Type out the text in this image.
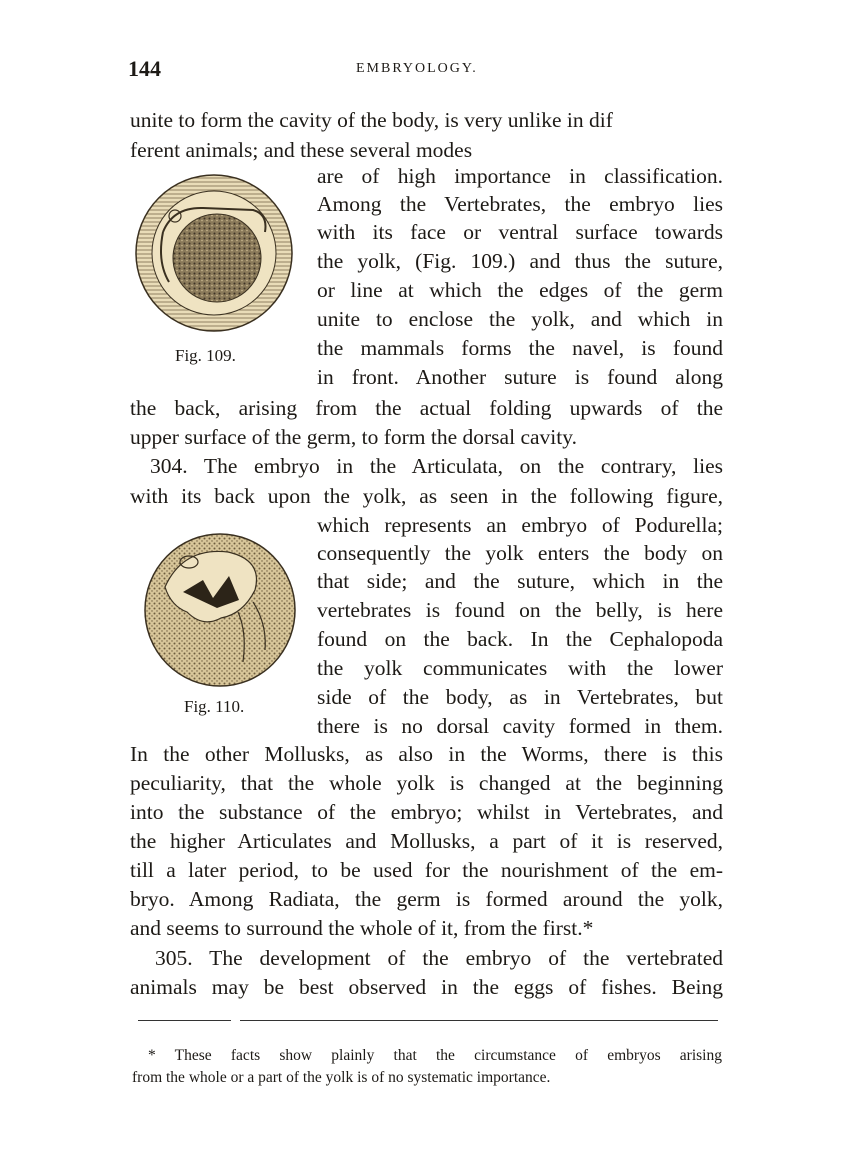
144	EMBRYOLOGY.
unite to form the cavity of the body, is very unlike in dif
ferent animals; and these several modes
are of high importance in classification.
Among the Vertebrates, the embryo lies
with its face or ventral surface towards
the yolk, (Fig. 109.) and thus the suture,
or line at which the edges of the germ
unite to enclose the yolk, and which in
the mammals forms the navel, is found
in front. Another suture is found along
the back, arising from the actual folding upwards of the
upper surface of the germ, to form the dorsal cavity.
304. The embryo in the Articulata, on the contrary, lies
with its back upon the yolk, as seen in the following figure,
which represents an embryo of Podurella;
consequently the yolk enters the body on
that side; and the suture, which in the
vertebrates is found on the belly, is here
found on the back. In the Cephalopoda
the yolk communicates with the lower
side of the body, as in Vertebrates, but
there is no dorsal cavity formed in them.
In the other Mollusks, as also in the Worms, there is this
peculiarity, that the whole yolk is changed at the beginning
into the substance of the embryo; whilst in Vertebrates, and
the higher Articulates and Mollusks, a part of it is reserved,
till a later period, to be used for the nourishment of the em-
bryo. Among Radiata, the germ is formed around the yolk,
and seems to surround the whole of it, from the first.*
305. The development of the embryo of the vertebrated
animals may be best observed in the eggs of fishes. Being
Fig. 109.
Fig. 110.
* These facts show plainly that the circumstance of embryos arising
from the whole or a part of the yolk is of no systematic importance.
